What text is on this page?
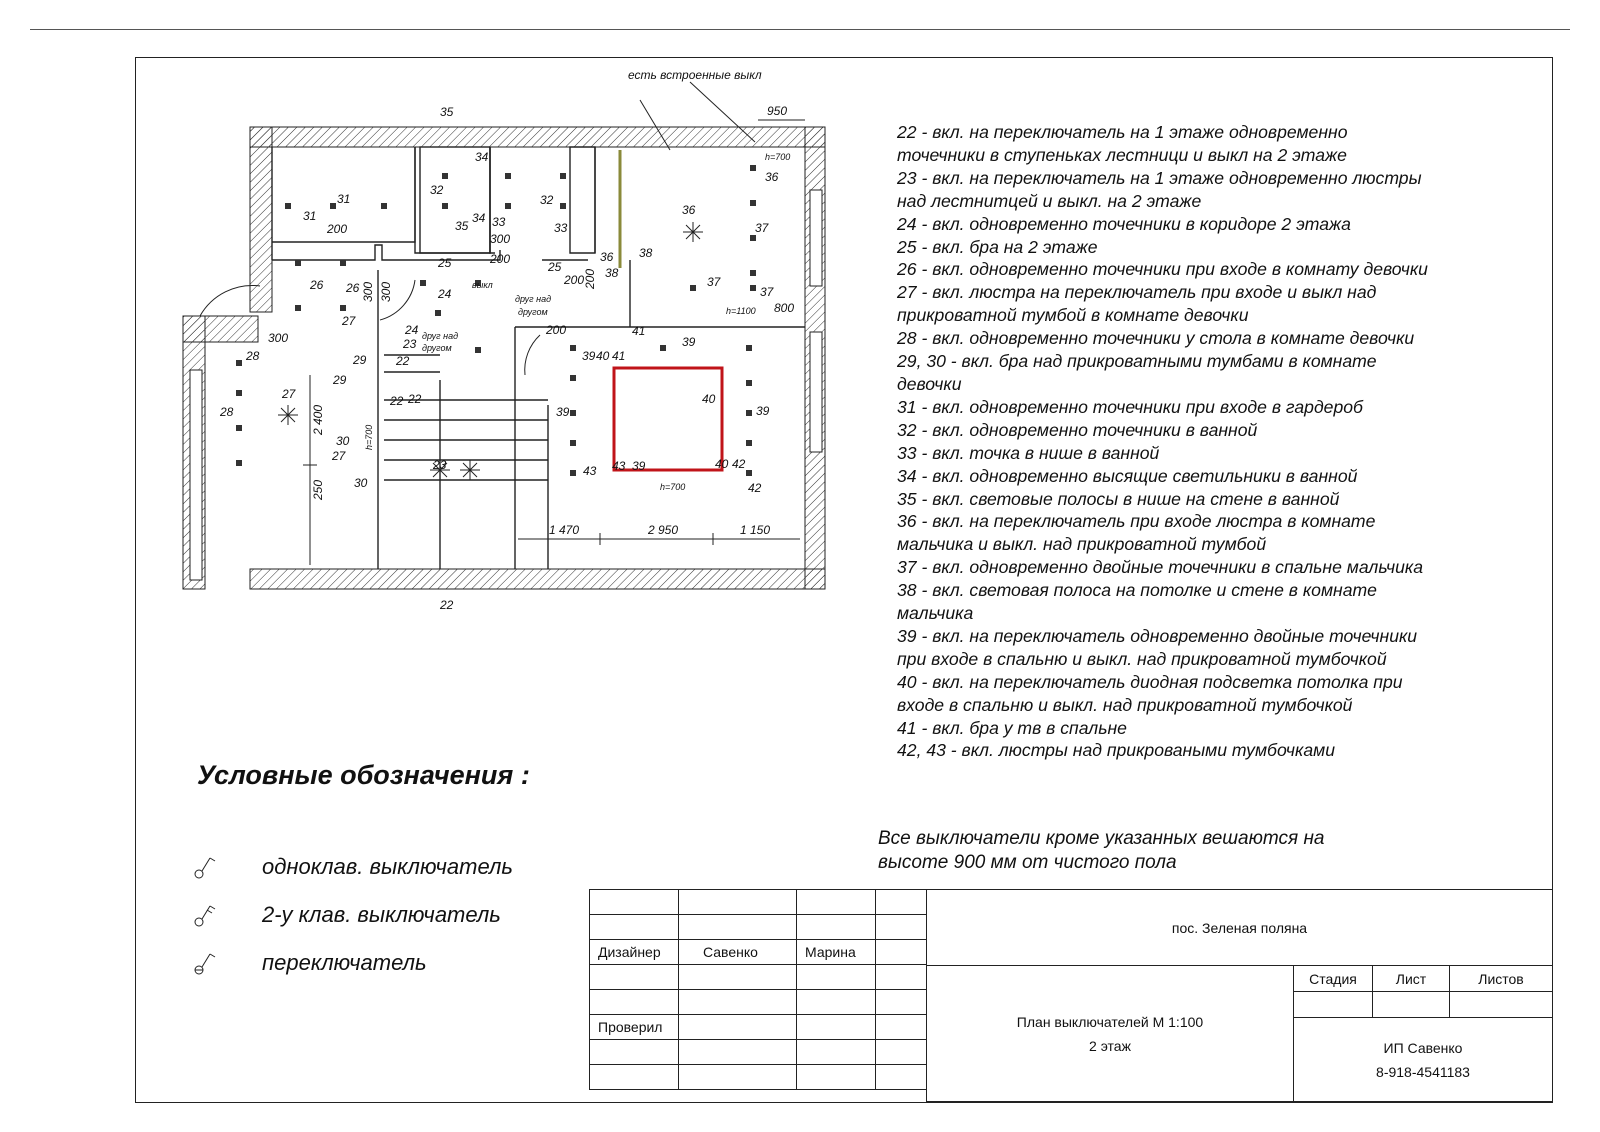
есть встроенные выкл
950
1 470	2 950	1 150
2 400
250
22
h=700
h=700
h=700
h=1100 800
35
34
31
31
200
32
32
35
34 33
300
33
200
25	25
200
36
38
38
200
36
36
37
37
37
26 26
27
300 300	24
24
23
22
22
28
28
300
27
29
29
30
27
30
23
22
200
39 40 41
41
39
39	39
40
43 43 39	40 42
42
выкл
друг над
другом
друг над
другом
22 - вкл. на переключатель на 1 этаже одновременно
точечники в ступеньках лестници и выкл на 2 этаже
23 - вкл. на переключатель на 1 этаже одновременно люстры
над лестнитцей и выкл. на 2 этаже
24 - вкл. одновременно точечники в коридоре 2 этажа
25 - вкл. бра на 2 этаже
26 - вкл. одновременно точечники при входе в комнату девочки
27 - вкл. люстра на переключатель при входе и выкл над
прикроватной тумбой в комнате девочки
28 - вкл. одновременно точечники у стола в комнате девочки
29, 30 - вкл. бра над прикроватными тумбами в комнате
девочки
31 - вкл. одновременно точечники при входе в гардероб
32 - вкл. одновременно точечники в ванной
33 - вкл. точка в нише в ванной
34 - вкл. одновременно высящие светильники в ванной
35 - вкл. световые полосы в нише на стене в ванной
36 - вкл. на переключатель при входе люстра в комнате
мальчика и выкл. над прикроватной тумбой
37 - вкл. одновременно двойные точечники в спальне мальчика
38 - вкл. световая полоса на потолке и стене в комнате
мальчика
39 - вкл. на переключатель одновременно двойные точечники
при входе в спальню и выкл. над прикроватной тумбочкой
40 - вкл. на переключатель диодная подсветка потолка при
входе в спальню и выкл. над прикроватной тумбочкой
41 - вкл. бра у тв в спальне
42, 43 - вкл. люстры над прикроваными тумбочками
Условные обозначения :
одноклав. выключатель
2-у клав. выключатель
переключатель
Все выключатели кроме указанных вешаются на
высоте 900 мм от чистого пола
Дизайнер	Савенко	Марина
Проверил
пос. Зеленая поляна
План выключателей М 1:100
2 этаж
Стадия	Лист	Листов
ИП Савенко
8-918-4541183
